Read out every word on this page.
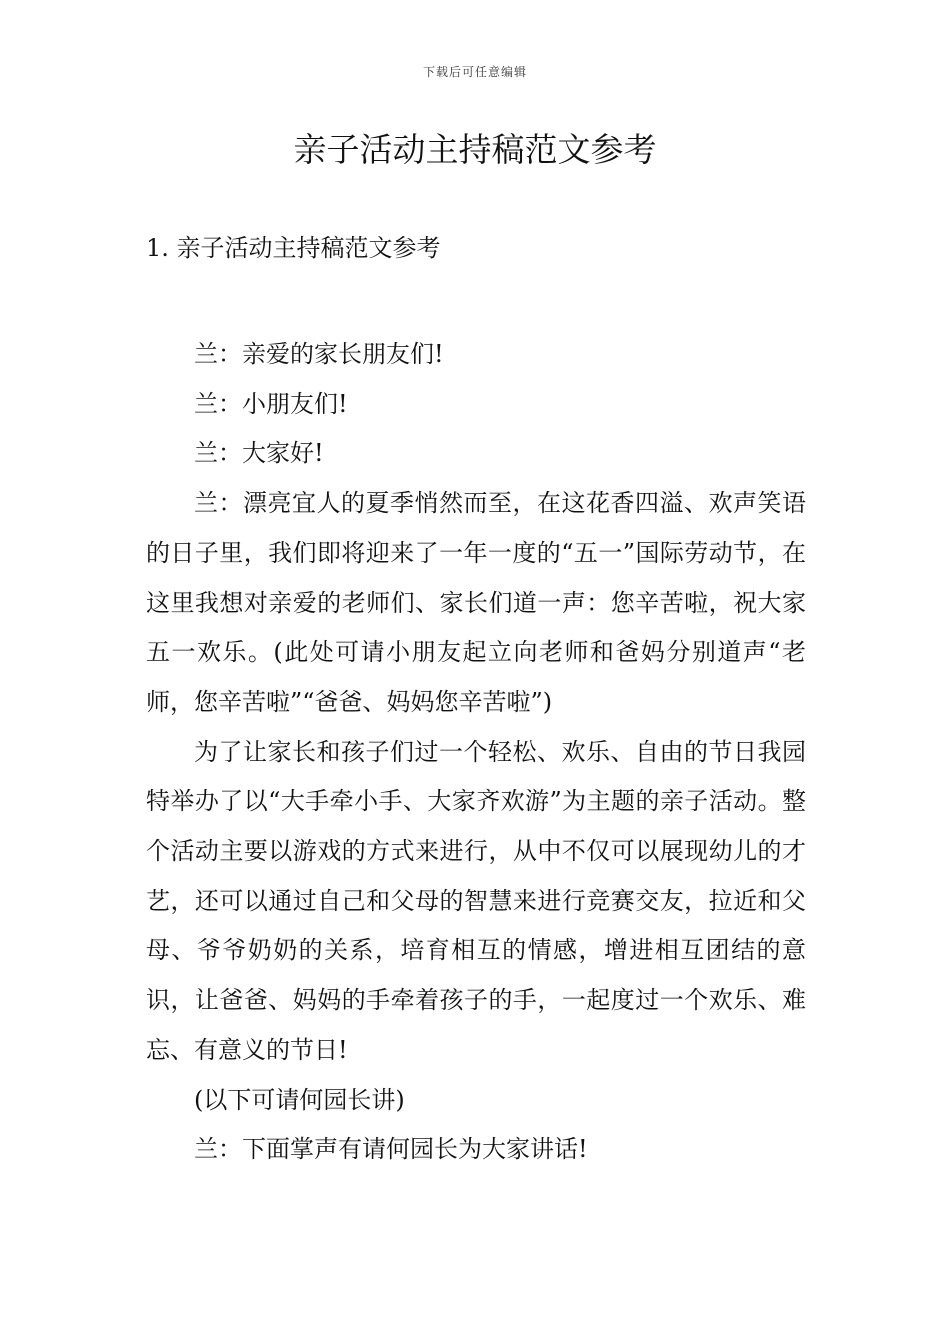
下载后可任意编辑
亲子活动主持稿范文参考
1. 亲子活动主持稿范文参考

兰：亲爱的家长朋友们!

兰：小朋友们!

兰：大家好!

兰：漂亮宜人的夏季悄然而至，在这花香四溢、欢声笑语的日子里，我们即将迎来了一年一度的“五一”国际劳动节，在这里我想对亲爱的老师们、家长们道一声：您辛苦啦，祝大家五一欢乐。(此处可请小朋友起立向老师和爸妈分别道声“老师，您辛苦啦”“爸爸、妈妈您辛苦啦”)

为了让家长和孩子们过一个轻松、欢乐、自由的节日我园特举办了以“大手牵小手、大家齐欢游”为主题的亲子活动。整个活动主要以游戏的方式来进行，从中不仅可以展现幼儿的才艺，还可以通过自己和父母的智慧来进行竞赛交友，拉近和父母、爷爷奶奶的关系，培育相互的情感，增进相互团结的意识，让爸爸、妈妈的手牵着孩子的手，一起度过一个欢乐、难忘、有意义的节日!

(以下可请何园长讲)

兰：下面掌声有请何园长为大家讲话!
